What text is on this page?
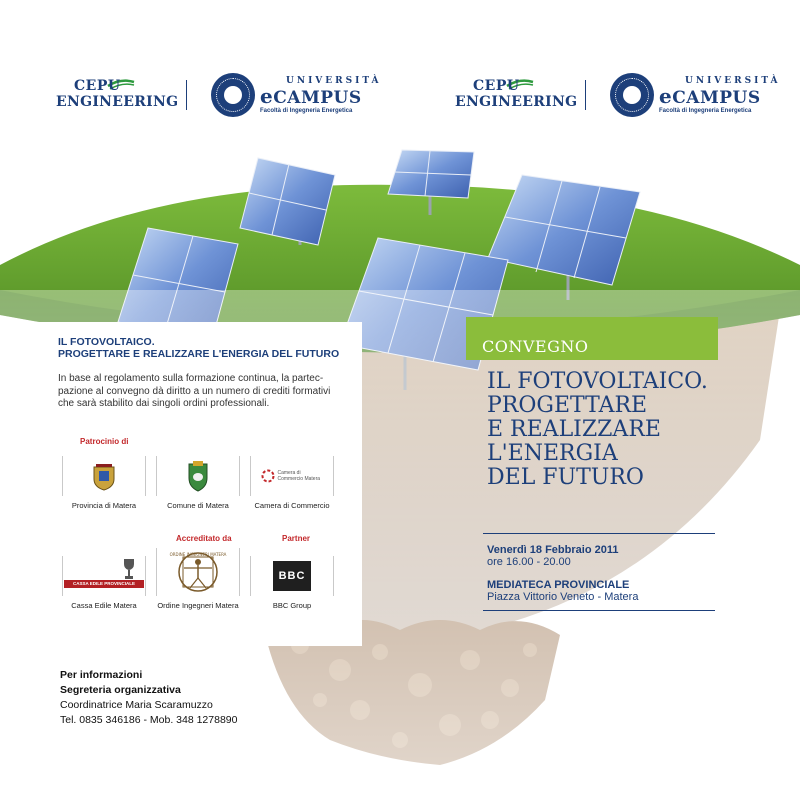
CEPU
ENGINEERING
UNIVERSITÀ
eCAMPUS
Facoltà di Ingegneria Energetica
CEPU
ENGINEERING
UNIVERSITÀ
eCAMPUS
Facoltà di Ingegneria Energetica
IL FOTOVOLTAICO.
PROGETTARE E REALIZZARE L'ENERGIA DEL FUTURO
In base al regolamento sulla formazione continua, la partec-
pazione al convegno dà diritto a un numero di crediti formativi
che sarà stabilito dai singoli ordini professionali.
Patrocinio di
Provincia di Matera	Comune di Matera
Camera di Commercio Matera
Camera di Commercio
Accreditato da	Partner
CASSA EDILE PROVINCIALE MATERA
Cassa Edile Matera
ORDINE INGEGNERI MATERA
Ordine Ingegneri Matera
BBC
BBC Group
CONVEGNO
IL FOTOVOLTAICO.
PROGETTARE
E REALIZZARE
L'ENERGIA
DEL FUTURO
Venerdì 18 Febbraio 2011
ore 16.00 - 20.00
MEDIATECA PROVINCIALE
Piazza Vittorio Veneto - Matera
Per informazioni
Segreteria organizzativa
Coordinatrice Maria Scaramuzzo
Tel. 0835 346186 - Mob. 348 1278890
